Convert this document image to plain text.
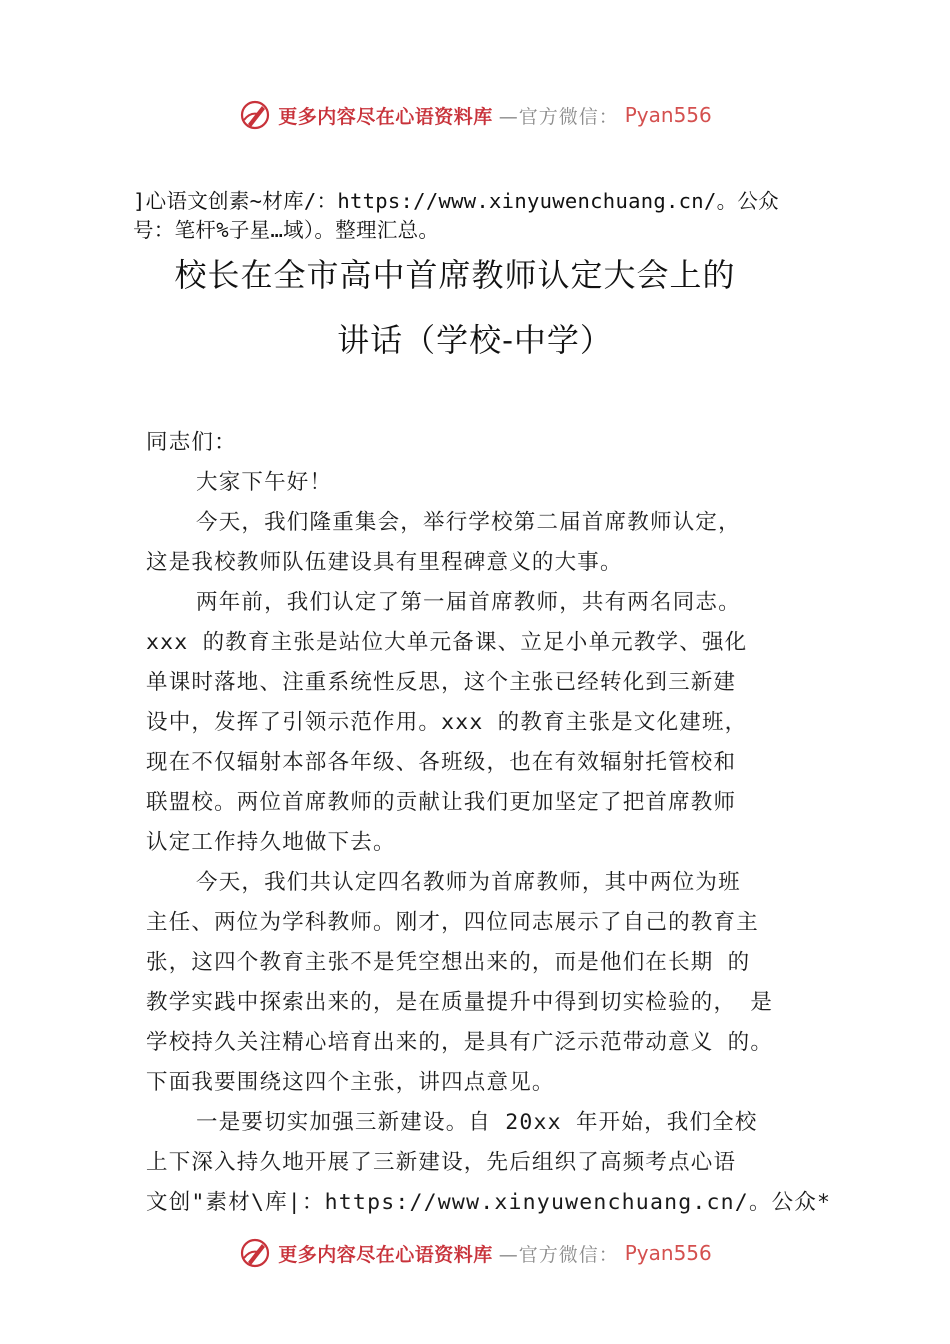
更多内容尽在心语资料库 —官方微信： Pyan556
]心语文创素~材库/：https://www.xinyuwenchuang.cn/。公众
号：笔杆%子星…域）。整理汇总。
校长在全市高中首席教师认定大会上的
讲话（学校-中学）
同志们：
大家下午好！
今天，我们隆重集会，举行学校第二届首席教师认定，
这是我校教师队伍建设具有里程碑意义的大事。
两年前，我们认定了第一届首席教师，共有两名同志。
xxx 的教育主张是站位大单元备课、立足小单元教学、强化
单课时落地、注重系统性反思，这个主张已经转化到三新建
设中，发挥了引领示范作用。xxx 的教育主张是文化建班，
现在不仅辐射本部各年级、各班级，也在有效辐射托管校和
联盟校。两位首席教师的贡献让我们更加坚定了把首席教师
认定工作持久地做下去。
今天，我们共认定四名教师为首席教师，其中两位为班
主任、两位为学科教师。刚才，四位同志展示了自己的教育主
张，这四个教育主张不是凭空想出来的，而是他们在长期 的
教学实践中探索出来的，是在质量提升中得到切实检验的， 是
学校持久关注精心培育出来的，是具有广泛示范带动意义 的。
下面我要围绕这四个主张，讲四点意见。
一是要切实加强三新建设。自 20xx 年开始，我们全校
上下深入持久地开展了三新建设，先后组织了高频考点心语
文创"素材\库|：https://www.xinyuwenchuang.cn/。公众*
更多内容尽在心语资料库 —官方微信： Pyan556
